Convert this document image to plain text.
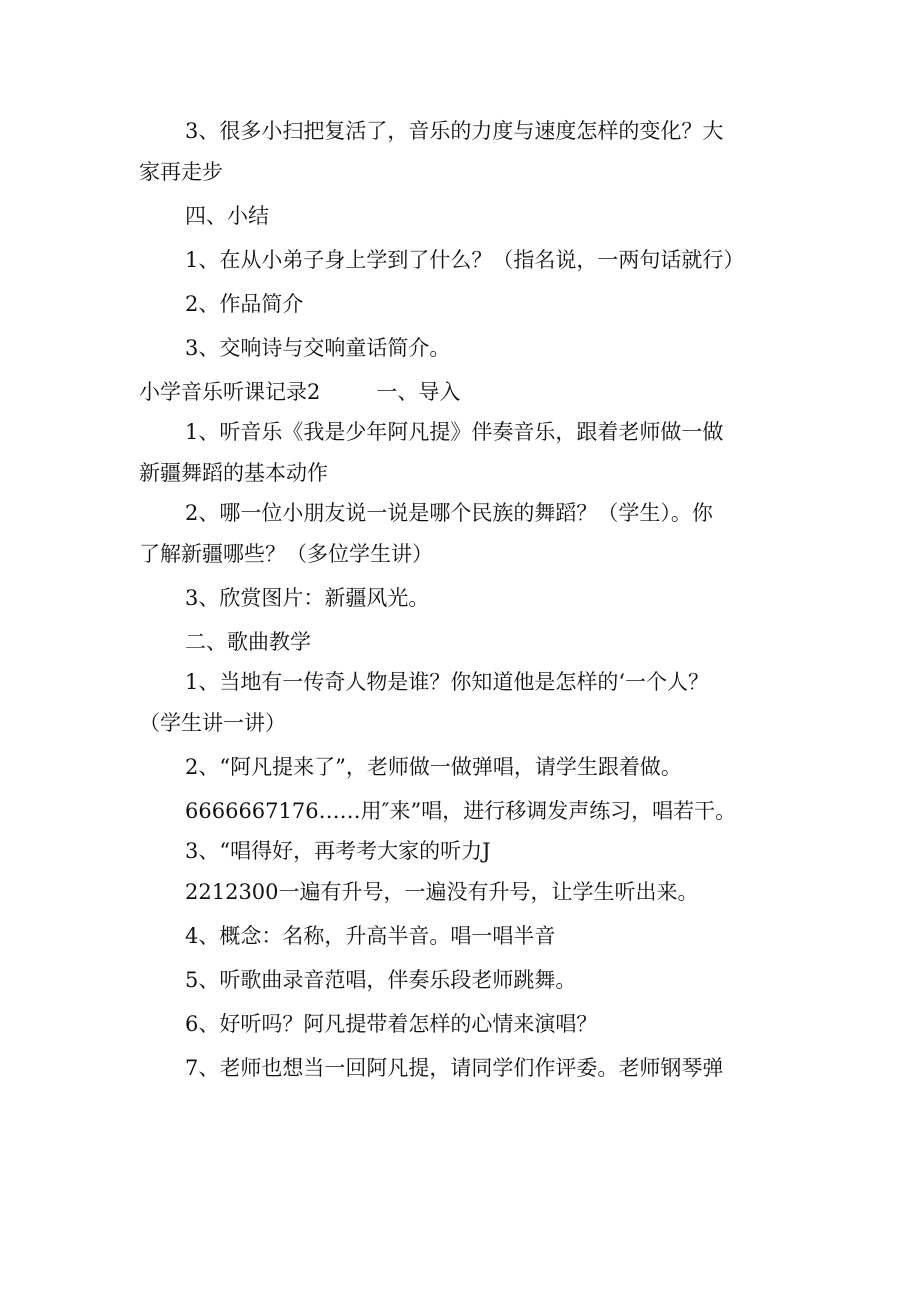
3、很多小扫把复活了，音乐的力度与速度怎样的变化？大
家再走步
四、小结
1、在从小弟子身上学到了什么？（指名说，一两句话就行）
2、作品简介
3、交响诗与交响童话简介。
小学音乐听课记录2	一、导入
1、听音乐《我是少年阿凡提》伴奏音乐，跟着老师做一做
新疆舞蹈的基本动作
2、哪一位小朋友说一说是哪个民族的舞蹈？（学生）。你
了解新疆哪些？（多位学生讲）
3、欣赏图片：新疆风光。
二、歌曲教学
1、当地有一传奇人物是谁？你知道他是怎样的‘一个人？
（学生讲一讲）
2、“阿凡提来了”，老师做一做弹唱，请学生跟着做。
6666667176……用″来”唱，进行移调发声练习，唱若干。
3、“唱得好，再考考大家的听力J
2212300一遍有升号，一遍没有升号，让学生听出来。
4、概念：名称，升高半音。唱一唱半音
5、听歌曲录音范唱，伴奏乐段老师跳舞。
6、好听吗？阿凡提带着怎样的心情来演唱？
7、老师也想当一回阿凡提，请同学们作评委。老师钢琴弹
